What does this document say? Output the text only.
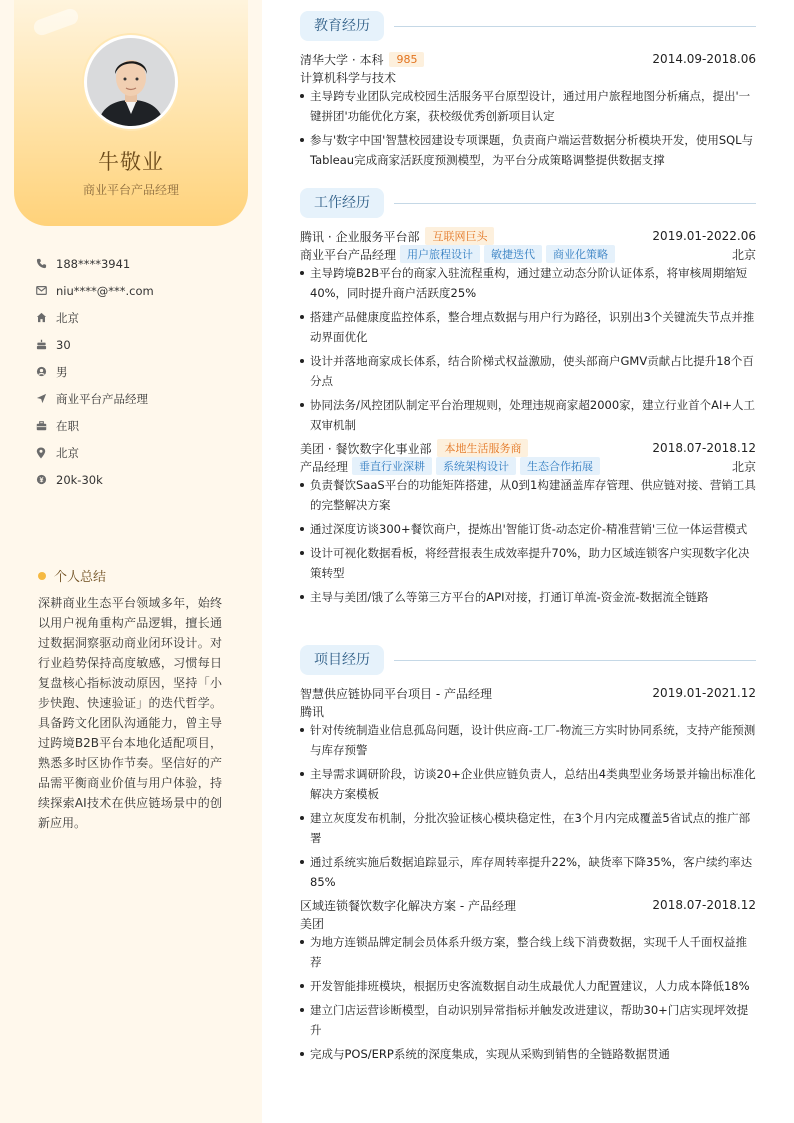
牛敬业
商业平台产品经理
188****3941
niu****@***.com
北京
30
男
商业平台产品经理
在职
北京
20k-30k
个人总结
深耕商业生态平台领域多年，始终以用户视角重构产品逻辑，擅长通过数据洞察驱动商业闭环设计。对行业趋势保持高度敏感，习惯每日复盘核心指标波动原因，坚持「小步快跑、快速验证」的迭代哲学。具备跨文化团队沟通能力，曾主导过跨境B2B平台本地化适配项目，熟悉多时区协作节奏。坚信好的产品需平衡商业价值与用户体验，持续探索AI技术在供应链场景中的创新应用。
教育经历
清华大学 · 本科	985	2014.09-2018.06
计算机科学与技术
主导跨专业团队完成校园生活服务平台原型设计，通过用户旅程地图分析痛点，提出'一键拼团'功能优化方案，获校级优秀创新项目认定
参与'数字中国'智慧校园建设专项课题，负责商户端运营数据分析模块开发，使用SQL与Tableau完成商家活跃度预测模型，为平台分成策略调整提供数据支撑
工作经历
腾讯 · 企业服务平台部	互联网巨头	2019.01-2022.06
商业平台产品经理	用户旅程设计	敏捷迭代	商业化策略	北京
主导跨境B2B平台的商家入驻流程重构，通过建立动态分阶认证体系，将审核周期缩短40%，同时提升商户活跃度25%
搭建产品健康度监控体系，整合埋点数据与用户行为路径，识别出3个关键流失节点并推动界面优化
设计并落地商家成长体系，结合阶梯式权益激励，使头部商户GMV贡献占比提升18个百分点
协同法务/风控团队制定平台治理规则，处理违规商家超2000家，建立行业首个AI+人工双审机制
美团 · 餐饮数字化事业部	本地生活服务商	2018.07-2018.12
产品经理	垂直行业深耕	系统架构设计	生态合作拓展	北京
负责餐饮SaaS平台的功能矩阵搭建，从0到1构建涵盖库存管理、供应链对接、营销工具的完整解决方案
通过深度访谈300+餐饮商户，提炼出'智能订货-动态定价-精准营销'三位一体运营模式
设计可视化数据看板，将经营报表生成效率提升70%，助力区域连锁客户实现数字化决策转型
主导与美团/饿了么等第三方平台的API对接，打通订单流-资金流-数据流全链路
项目经历
智慧供应链协同平台项目 - 产品经理	2019.01-2021.12
腾讯
针对传统制造业信息孤岛问题，设计供应商-工厂-物流三方实时协同系统，支持产能预测与库存预警
主导需求调研阶段，访谈20+企业供应链负责人，总结出4类典型业务场景并输出标准化解决方案模板
建立灰度发布机制，分批次验证核心模块稳定性，在3个月内完成覆盖5省试点的推广部署
通过系统实施后数据追踪显示，库存周转率提升22%，缺货率下降35%，客户续约率达85%
区域连锁餐饮数字化解决方案 - 产品经理	2018.07-2018.12
美团
为地方连锁品牌定制会员体系升级方案，整合线上线下消费数据，实现千人千面权益推荐
开发智能排班模块，根据历史客流数据自动生成最优人力配置建议，人力成本降低18%
建立门店运营诊断模型，自动识别异常指标并触发改进建议，帮助30+门店实现坪效提升
完成与POS/ERP系统的深度集成，实现从采购到销售的全链路数据贯通
